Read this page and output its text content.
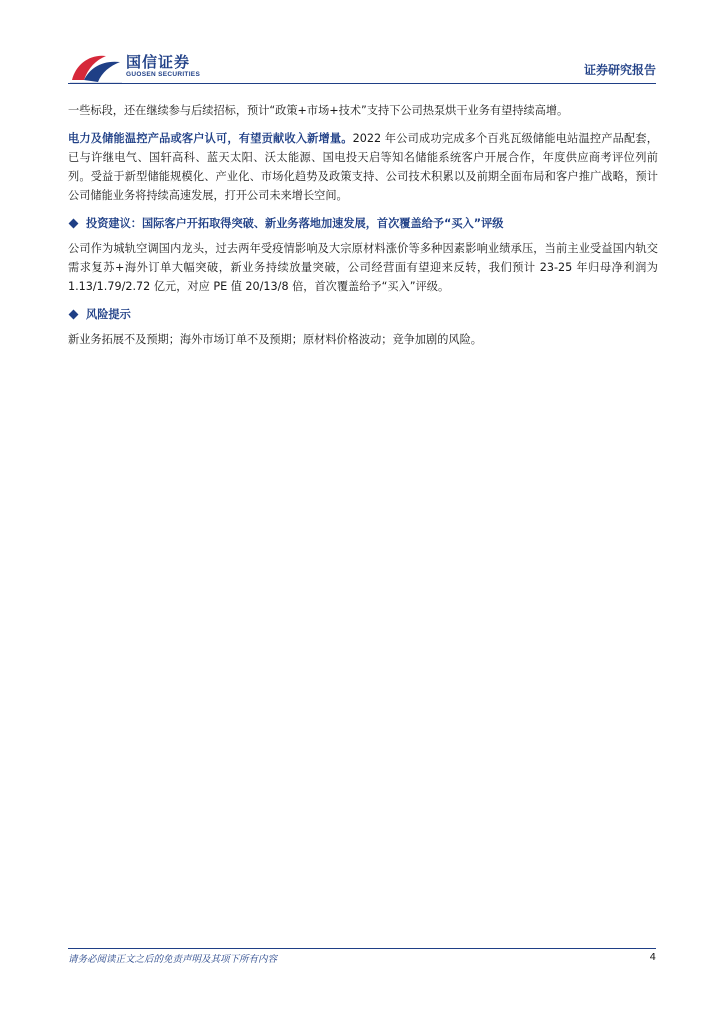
国信证券
GUOSEN SECURITIES	证券研究报告

一些标段，还在继续参与后续招标，预计“政策+市场+技术”支持下公司热泵烘干业务有望持续高增。

电力及储能温控产品或客户认可，有望贡献收入新增量。2022 年公司成功完成多个百兆瓦级储能电站温控产品配套，已与许继电气、国轩高科、蓝天太阳、沃太能源、国电投天启等知名储能系统客户开展合作，年度供应商考评位列前列。受益于新型储能规模化、产业化、市场化趋势及政策支持、公司技术积累以及前期全面布局和客户推广战略，预计公司储能业务将持续高速发展，打开公司未来增长空间。

投资建议：国际客户开拓取得突破、新业务落地加速发展，首次覆盖给予“买入”评级

公司作为城轨空调国内龙头，过去两年受疫情影响及大宗原材料涨价等多种因素影响业绩承压，当前主业受益国内轨交需求复苏+海外订单大幅突破，新业务持续放量突破，公司经营面有望迎来反转，我们预计 23-25 年归母净利润为 1.13/1.79/2.72 亿元，对应 PE 值 20/13/8 倍，首次覆盖给予“买入”评级。

风险提示

新业务拓展不及预期；海外市场订单不及预期；原材料价格波动；竞争加剧的风险。

请务必阅读正文之后的免责声明及其项下所有内容	4
